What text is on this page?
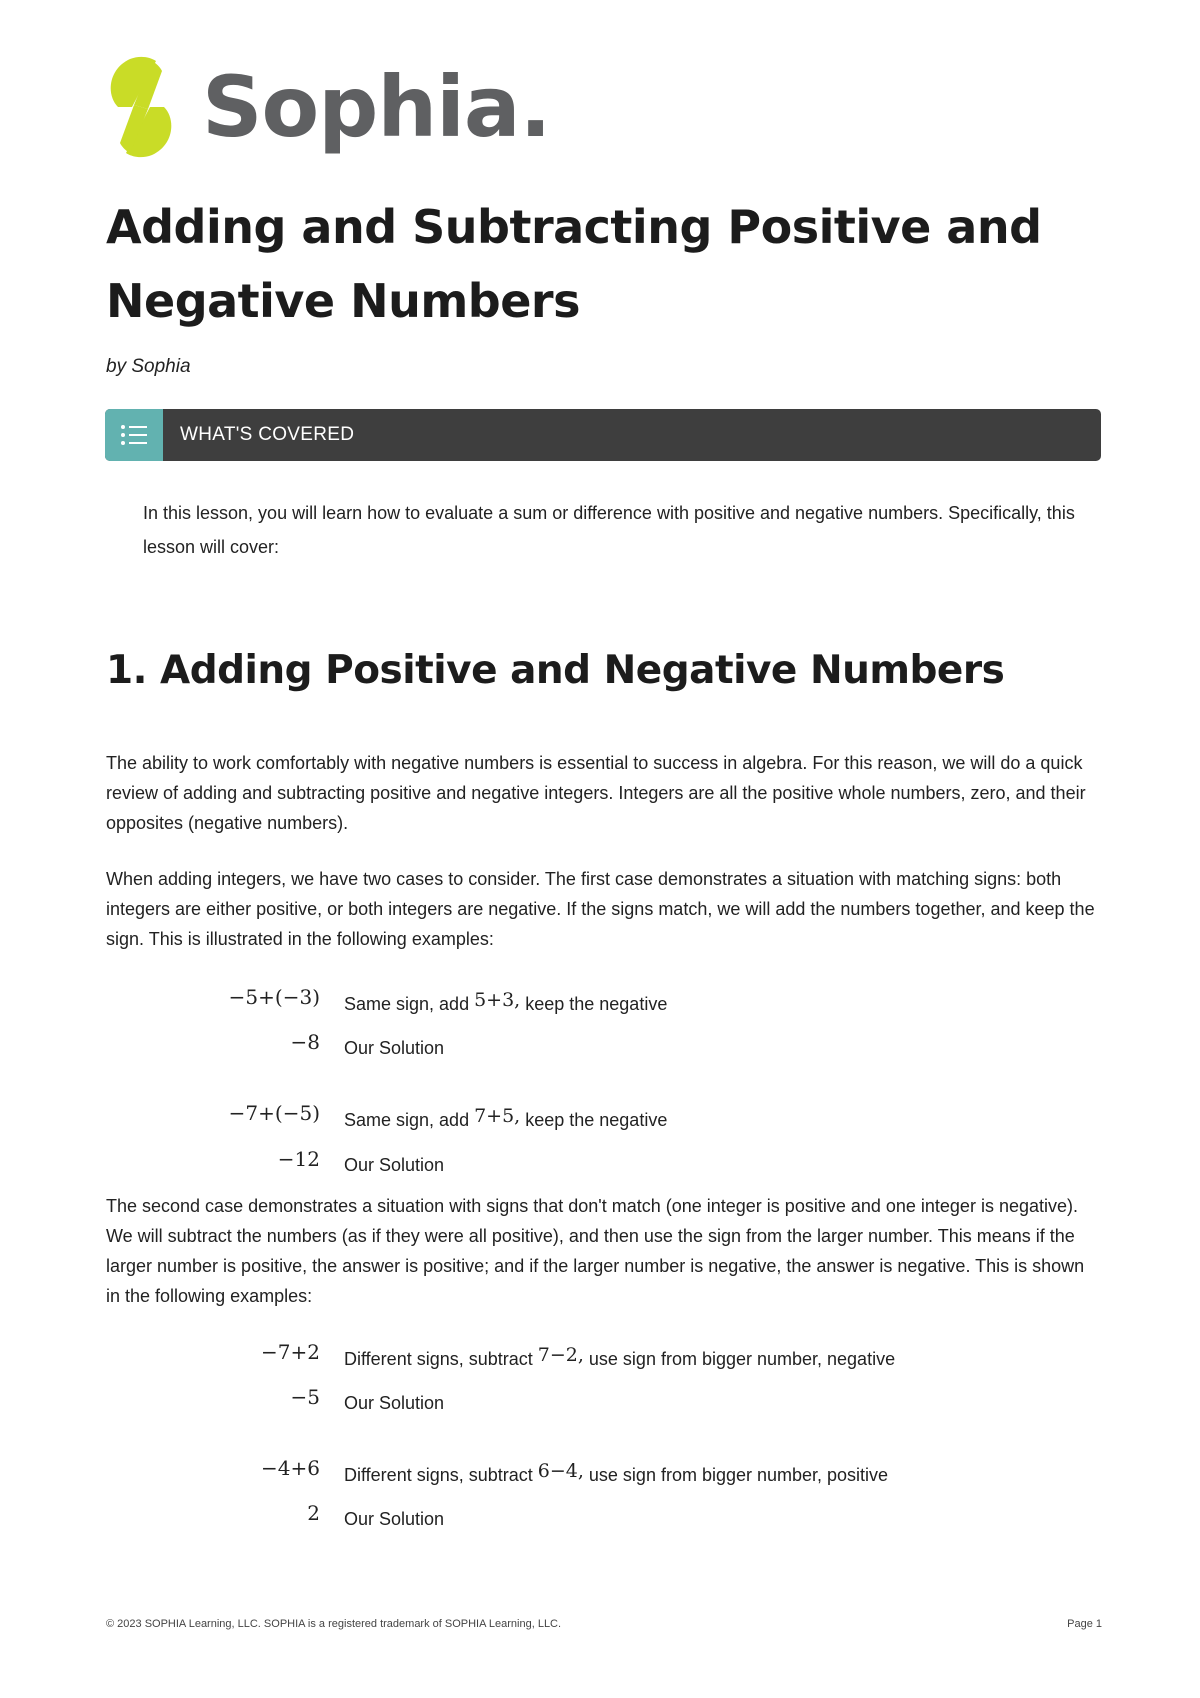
Sophia.
Adding and Subtracting Positive and Negative Numbers
by Sophia
WHAT'S COVERED

In this lesson, you will learn how to evaluate a sum or difference with positive and negative numbers. Specifically, this lesson will cover:

1. Adding Positive and Negative Numbers

The ability to work comfortably with negative numbers is essential to success in algebra. For this reason, we will do a quick review of adding and subtracting positive and negative integers. Integers are all the positive whole numbers, zero, and their opposites (negative numbers).

When adding integers, we have two cases to consider. The first case demonstrates a situation with matching signs: both integers are either positive, or both integers are negative. If the signs match, we will add the numbers together, and keep the sign. This is illustrated in the following examples:

−5+(−3) Same sign, add 5+3, keep the negative
−8 Our Solution
−7+(−5) Same sign, add 7+5, keep the negative
−12 Our Solution

The second case demonstrates a situation with signs that don't match (one integer is positive and one integer is negative). We will subtract the numbers (as if they were all positive), and then use the sign from the larger number. This means if the larger number is positive, the answer is positive; and if the larger number is negative, the answer is negative. This is shown in the following examples:

−7+2 Different signs, subtract 7−2, use sign from bigger number, negative
−5 Our Solution
−4+6 Different signs, subtract 6−4, use sign from bigger number, positive
2 Our Solution
© 2023 SOPHIA Learning, LLC. SOPHIA is a registered trademark of SOPHIA Learning, LLC.	Page 1
